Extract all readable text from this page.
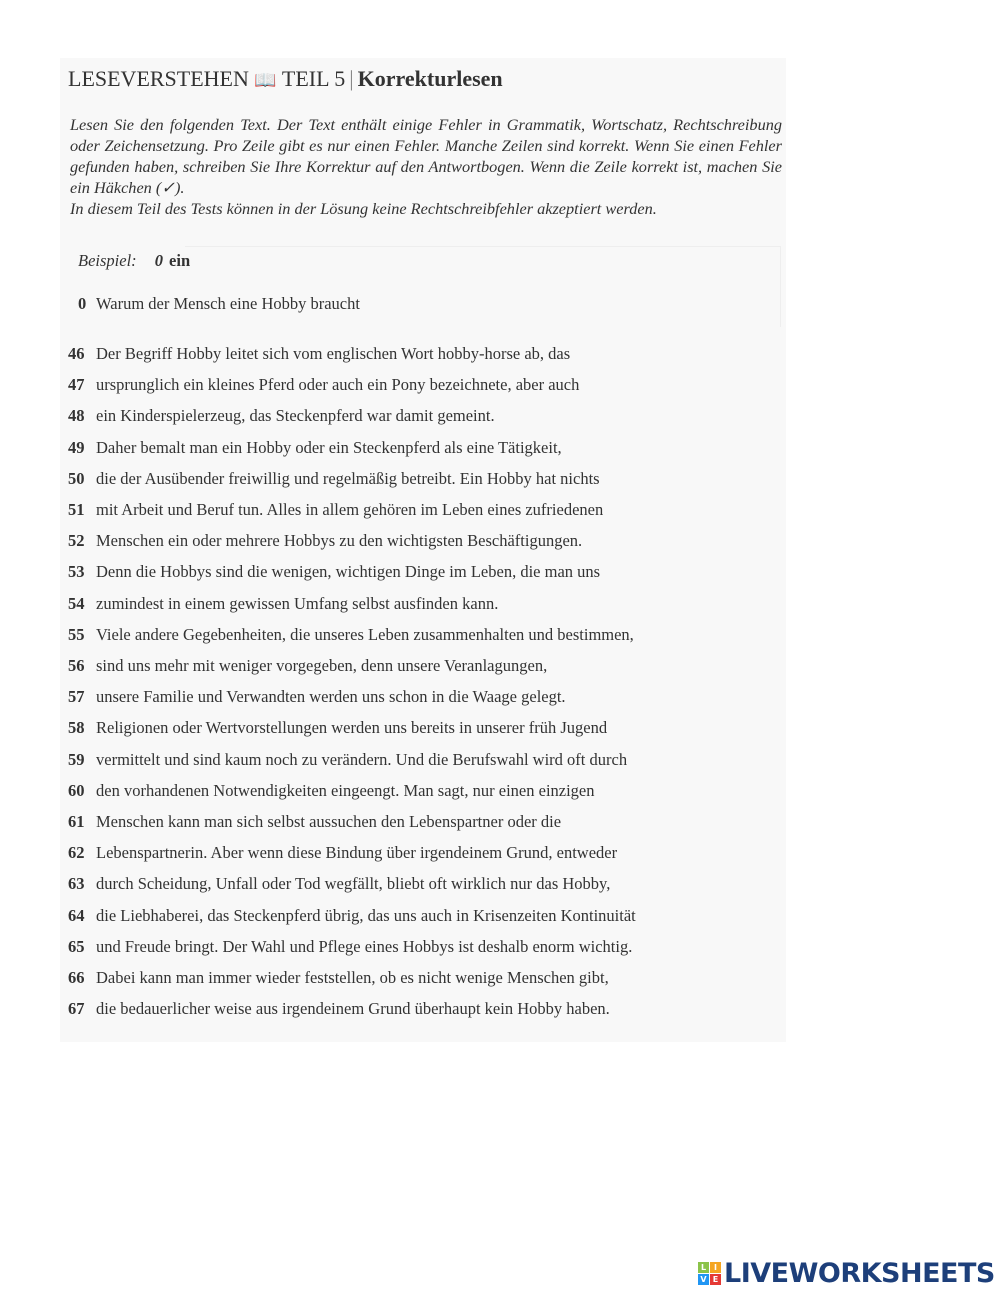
LESEVERSTEHEN 📖 TEIL 5 | Korrekturlesen

Lesen Sie den folgenden Text. Der Text enthält einige Fehler in Grammatik, Wortschatz, Rechtschreibung oder Zeichensetzung. Pro Zeile gibt es nur einen Fehler. Manche Zeilen sind korrekt. Wenn Sie einen Fehler gefunden haben, schreiben Sie Ihre Korrektur auf den Antwortbogen. Wenn die Zeile korrekt ist, machen Sie ein Häkchen (✓).

In diesem Teil des Tests können in der Lösung keine Rechtschreibfehler akzeptiert werden.

Beispiel: 0 ein
0 Warum der Mensch eine Hobby braucht
46 Der Begriff Hobby leitet sich vom englischen Wort hobby-horse ab, das
47 ursprunglich ein kleines Pferd oder auch ein Pony bezeichnete, aber auch
48 ein Kinderspielerzeug, das Steckenpferd war damit gemeint.
49 Daher bemalt man ein Hobby oder ein Steckenpferd als eine Tätigkeit,
50 die der Ausübender freiwillig und regelmäßig betreibt. Ein Hobby hat nichts
51 mit Arbeit und Beruf tun. Alles in allem gehören im Leben eines zufriedenen
52 Menschen ein oder mehrere Hobbys zu den wichtigsten Beschäftigungen.
53 Denn die Hobbys sind die wenigen, wichtigen Dinge im Leben, die man uns
54 zumindest in einem gewissen Umfang selbst ausfinden kann.
55 Viele andere Gegebenheiten, die unseres Leben zusammenhalten und bestimmen,
56 sind uns mehr mit weniger vorgegeben, denn unsere Veranlagungen,
57 unsere Familie und Verwandten werden uns schon in die Waage gelegt.
58 Religionen oder Wertvorstellungen werden uns bereits in unserer früh Jugend
59 vermittelt und sind kaum noch zu verändern. Und die Berufswahl wird oft durch
60 den vorhandenen Notwendigkeiten eingeengt. Man sagt, nur einen einzigen
61 Menschen kann man sich selbst aussuchen den Lebenspartner oder die
62 Lebenspartnerin. Aber wenn diese Bindung über irgendeinem Grund, entweder
63 durch Scheidung, Unfall oder Tod wegfällt, bliebt oft wirklich nur das Hobby,
64 die Liebhaberei, das Steckenpferd übrig, das uns auch in Krisenzeiten Kontinuität
65 und Freude bringt. Der Wahl und Pflege eines Hobbys ist deshalb enorm wichtig.
66 Dabei kann man immer wieder feststellen, ob es nicht wenige Menschen gibt,
67 die bedauerlicher weise aus irgendeinem Grund überhaupt kein Hobby haben.
L I
V E LIVEWORKSHEETS
